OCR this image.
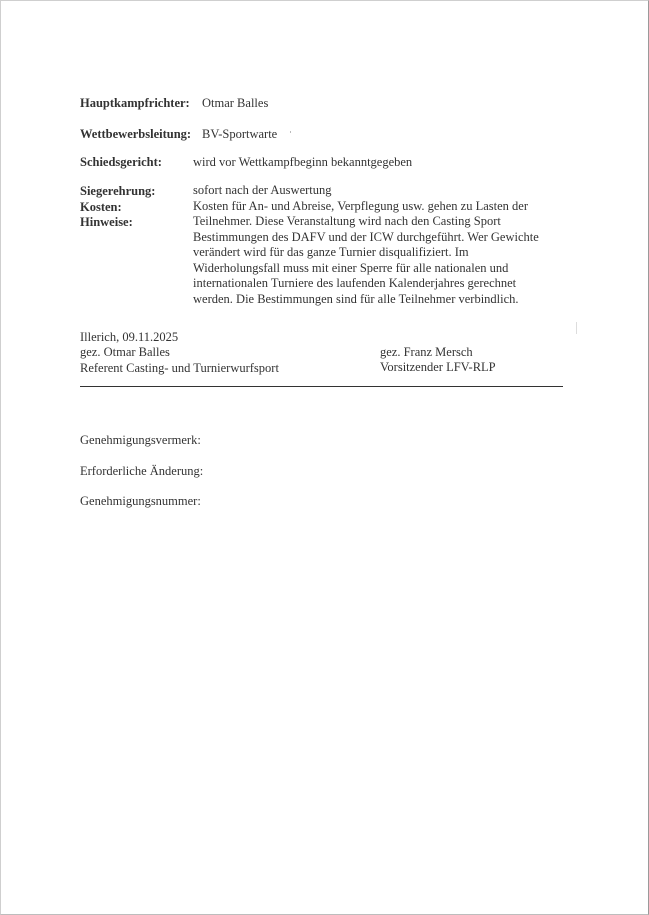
Hauptkampfrichter: Otmar Balles
Wettbewerbsleitung: BV-Sportwarte
Schiedsgericht: wird vor Wettkampfbeginn bekanntgegeben
Siegerehrung:
Kosten:
Hinweise:
sofort nach der Auswertung
Kosten für An- und Abreise, Verpflegung usw. gehen zu Lasten der
Teilnehmer. Diese Veranstaltung wird nach den Casting Sport
Bestimmungen des DAFV und der ICW durchgeführt. Wer Gewichte
verändert wird für das ganze Turnier disqualifiziert. Im
Widerholungsfall muss mit einer Sperre für alle nationalen und
internationalen Turniere des laufenden Kalenderjahres gerechnet
werden. Die Bestimmungen sind für alle Teilnehmer verbindlich.
Illerich, 09.11.2025
gez. Otmar Balles
Referent Casting- und Turnierwurfsport
gez. Franz Mersch
Vorsitzender LFV-RLP
Genehmigungsvermerk:
Erforderliche Änderung:
Genehmigungsnummer:
